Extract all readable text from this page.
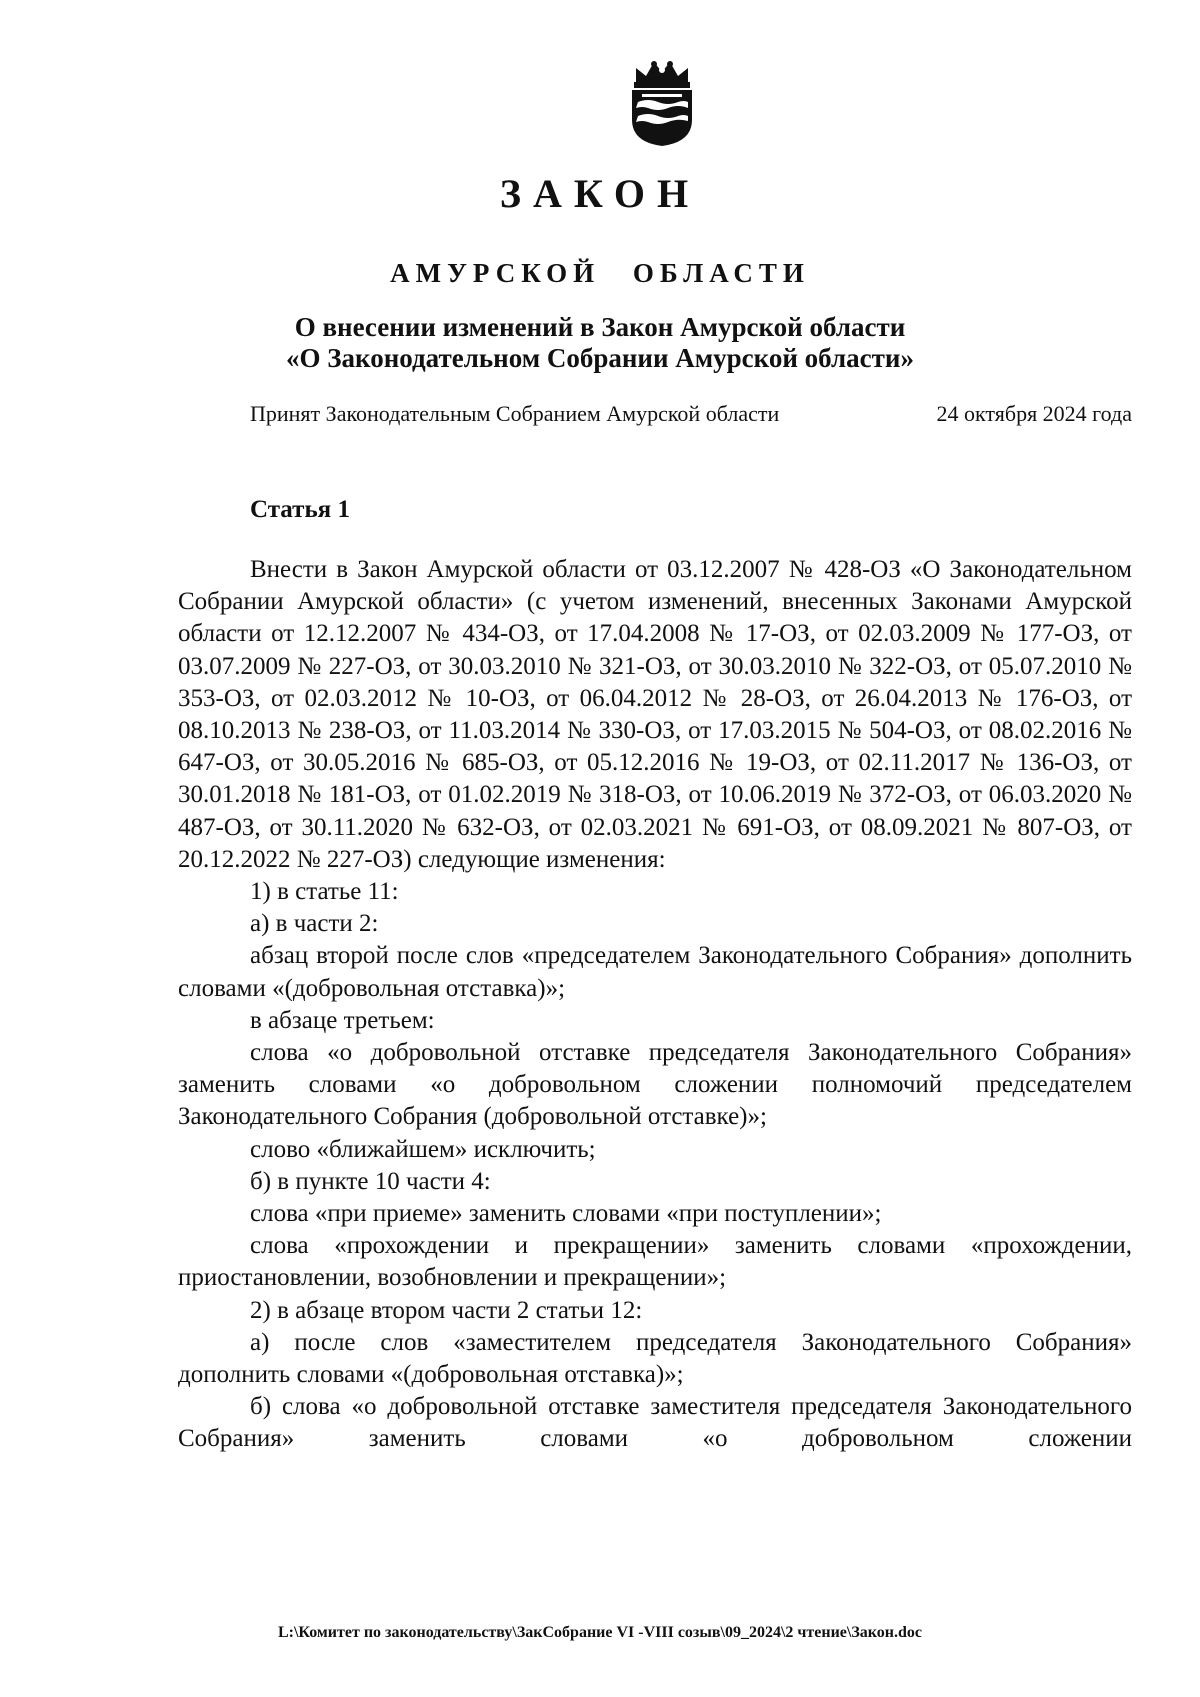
ЗАКОН
АМУРСКОЙ ОБЛАСТИ
О внесении изменений в Закон Амурской области
«О Законодательном Собрании Амурской области»
Принят Законодательным Собранием Амурской области	24 октября 2024 года
Статья 1

Внести в Закон Амурской области от 03.12.2007 № 428-ОЗ «О Законодательном Собрании Амурской области» (с учетом изменений, внесенных Законами Амурской области от 12.12.2007 № 434-ОЗ, от 17.04.2008 № 17-ОЗ, от 02.03.2009 № 177-ОЗ, от 03.07.2009 № 227-ОЗ, от 30.03.2010 № 321-ОЗ, от 30.03.2010 № 322-ОЗ, от 05.07.2010 № 353-ОЗ, от 02.03.2012 № 10-ОЗ, от 06.04.2012 № 28-ОЗ, от 26.04.2013 № 176-ОЗ, от 08.10.2013 № 238-ОЗ, от 11.03.2014 № 330-ОЗ, от 17.03.2015 № 504-ОЗ, от 08.02.2016 № 647-ОЗ, от 30.05.2016 № 685-ОЗ, от 05.12.2016 № 19-ОЗ, от 02.11.2017 № 136-ОЗ, от 30.01.2018 № 181-ОЗ, от 01.02.2019 № 318-ОЗ, от 10.06.2019 № 372-ОЗ, от 06.03.2020 № 487-ОЗ, от 30.11.2020 № 632-ОЗ, от 02.03.2021 № 691-ОЗ, от 08.09.2021 № 807-ОЗ, от 20.12.2022 № 227-ОЗ) следующие изменения:

1) в статье 11:

а) в части 2:

абзац второй после слов «председателем Законодательного Собрания» дополнить словами «(добровольная отставка)»;

в абзаце третьем:

слова «о добровольной отставке председателя Законодательного Собрания» заменить словами «о добровольном сложении полномочий председателем Законодательного Собрания (добровольной отставке)»;

слово «ближайшем» исключить;

б) в пункте 10 части 4:

слова «при приеме» заменить словами «при поступлении»;

слова «прохождении и прекращении» заменить словами «прохождении, приостановлении, возобновлении и прекращении»;

2) в абзаце втором части 2 статьи 12:

а) после слов «заместителем председателя Законодательного Собрания» дополнить словами «(добровольная отставка)»;

б) слова «о добровольной отставке заместителя председателя Законодательного Собрания» заменить словами «о добровольном сложении

L:\Комитет по законодательству\ЗакСобрание VI -VIII созыв\09_2024\2 чтение\Закон.doc
